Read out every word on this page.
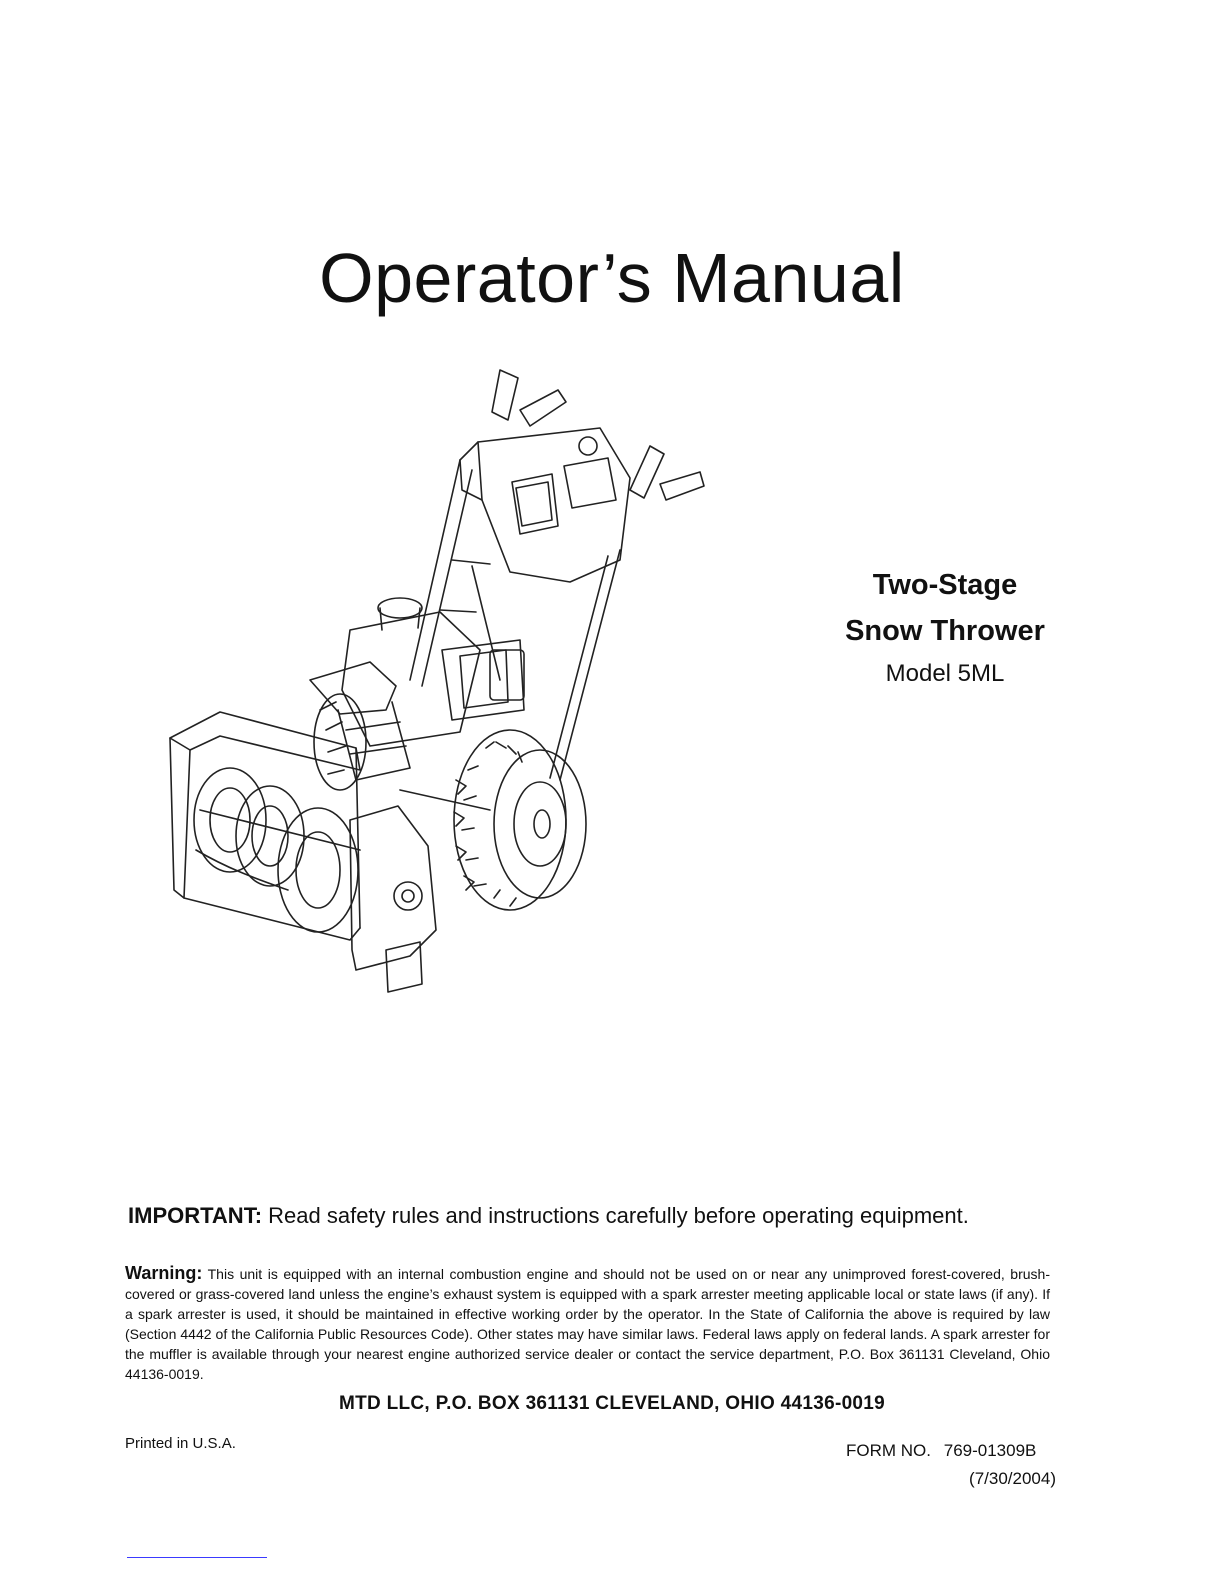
Operator’s Manual
Two-Stage
Snow Thrower
Model 5ML
IMPORTANT: Read safety rules and instructions carefully before operating equipment.
Warning: This unit is equipped with an internal combustion engine and should not be used on or near any unimproved forest-covered, brush-covered or grass-covered land unless the engine’s exhaust system is equipped with a spark arrester meeting applicable local or state laws (if any). If a spark arrester is used, it should be maintained in effective working order by the operator. In the State of California the above is required by law (Section 4442 of the California Public Resources Code). Other states may have similar laws. Federal laws apply on federal lands. A spark arrester for the muffler is available through your nearest engine authorized service dealer or contact the service department, P.O. Box 361131 Cleveland, Ohio 44136-0019.
MTD LLC, P.O. BOX 361131 CLEVELAND, OHIO 44136-0019
Printed in U.S.A.	FORM NO. 769-01309B
(7/30/2004)
